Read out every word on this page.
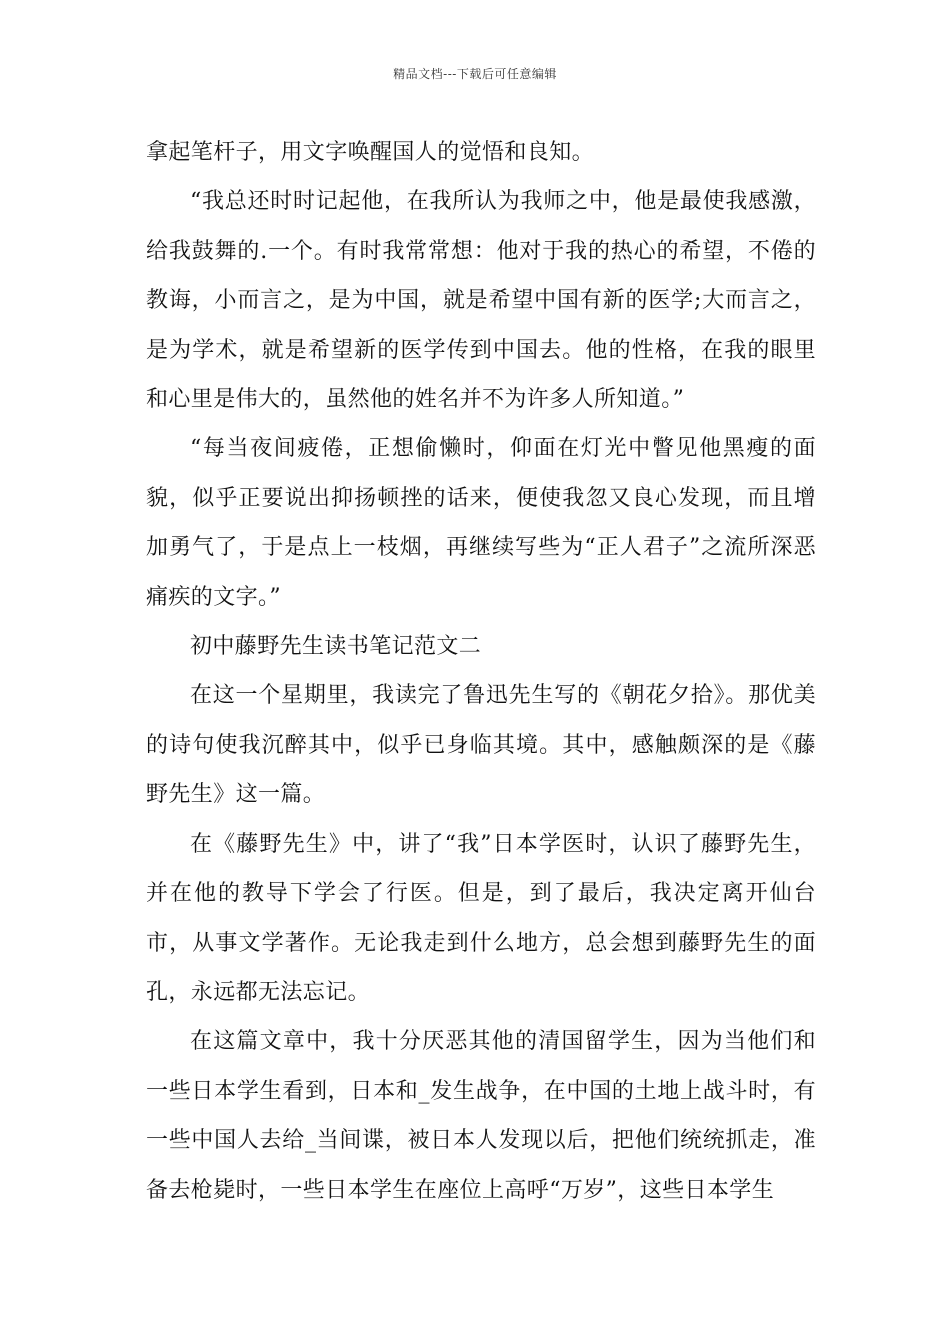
精品文档---下载后可任意编辑

拿起笔杆子，用文字唤醒国人的觉悟和良知。

“我总还时时记起他，在我所认为我师之中，他是最使我感激，给我鼓舞的.一个。有时我常常想：他对于我的热心的希望，不倦的教诲，小而言之，是为中国，就是希望中国有新的医学;大而言之，是为学术，就是希望新的医学传到中国去。他的性格，在我的眼里和心里是伟大的，虽然他的姓名并不为许多人所知道。”

“每当夜间疲倦，正想偷懒时，仰面在灯光中瞥见他黑瘦的面貌，似乎正要说出抑扬顿挫的话来，便使我忽又良心发现，而且增加勇气了，于是点上一枝烟，再继续写些为“正人君子”之流所深恶痛疾的文字。”

初中藤野先生读书笔记范文二

在这一个星期里，我读完了鲁迅先生写的《朝花夕拾》。那优美的诗句使我沉醉其中，似乎已身临其境。其中，感触颇深的是《藤野先生》这一篇。

在《藤野先生》中，讲了“我”日本学医时，认识了藤野先生，并在他的教导下学会了行医。但是，到了最后，我决定离开仙台市，从事文学著作。无论我走到什么地方，总会想到藤野先生的面孔，永远都无法忘记。

在这篇文章中，我十分厌恶其他的清国留学生，因为当他们和一些日本学生看到，日本和_发生战争，在中国的土地上战斗时，有一些中国人去给_当间谍，被日本人发现以后，把他们统统抓走，准备去枪毙时，一些日本学生在座位上高呼“万岁”，这些日本学生
